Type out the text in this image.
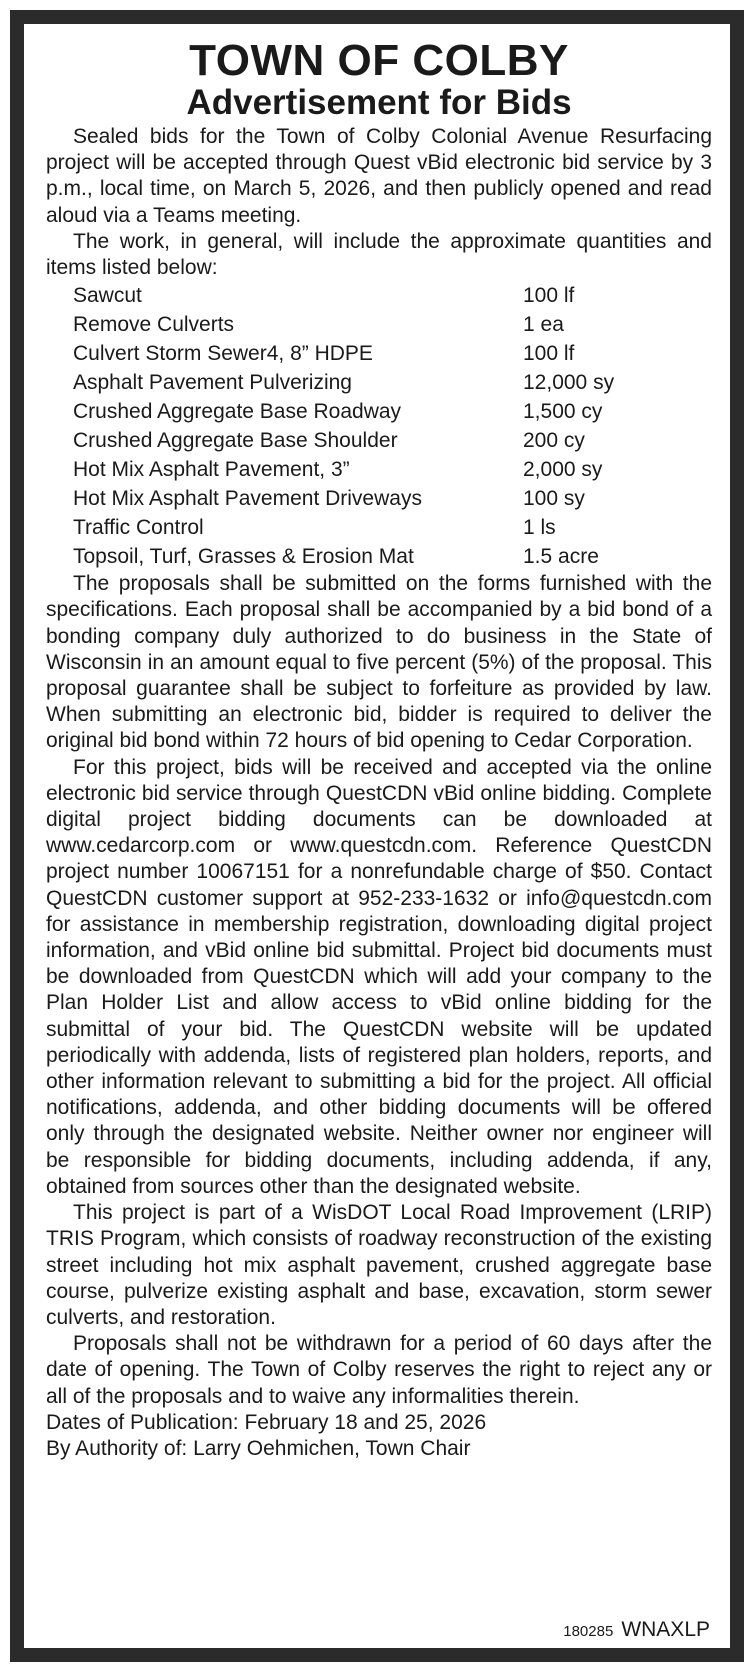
TOWN OF COLBY
Advertisement for Bids

Sealed bids for the Town of Colby Colonial Avenue Resurfacing project will be accepted through Quest vBid electronic bid service by 3 p.m., local time, on March 5, 2026, and then publicly opened and read aloud via a Teams meeting.

The work, in general, will include the approximate quantities and items listed below:

Sawcut	100 lf
Remove Culverts	1 ea
Culvert Storm Sewer4, 8” HDPE	100 lf
Asphalt Pavement Pulverizing	12,000 sy
Crushed Aggregate Base Roadway	1,500 cy
Crushed Aggregate Base Shoulder	200 cy
Hot Mix Asphalt Pavement, 3”	2,000 sy
Hot Mix Asphalt Pavement Driveways	100 sy
Traffic Control	1 ls
Topsoil, Turf, Grasses & Erosion Mat	1.5 acre

The proposals shall be submitted on the forms furnished with the specifications. Each proposal shall be accompanied by a bid bond of a bonding company duly authorized to do business in the State of Wisconsin in an amount equal to five percent (5%) of the proposal. This proposal guarantee shall be subject to forfeiture as provided by law. When submitting an electronic bid, bidder is required to deliver the original bid bond within 72 hours of bid opening to Cedar Corporation.

For this project, bids will be received and accepted via the online electronic bid service through QuestCDN vBid online bidding. Complete digital project bidding documents can be downloaded at www.cedarcorp.com or www.questcdn.com. Reference QuestCDN project number 10067151 for a nonrefundable charge of $50. Contact QuestCDN customer support at 952-233-1632 or info@questcdn.com for assistance in membership registration, downloading digital project information, and vBid online bid submittal. Project bid documents must be downloaded from QuestCDN which will add your company to the Plan Holder List and allow access to vBid online bidding for the submittal of your bid. The QuestCDN website will be updated periodically with addenda, lists of registered plan holders, reports, and other information relevant to submitting a bid for the project. All official notifications, addenda, and other bidding documents will be offered only through the designated website. Neither owner nor engineer will be responsible for bidding documents, including addenda, if any, obtained from sources other than the designated website.

This project is part of a WisDOT Local Road Improvement (LRIP) TRIS Program, which consists of roadway reconstruction of the existing street including hot mix asphalt pavement, crushed aggregate base course, pulverize existing asphalt and base, excavation, storm sewer culverts, and restoration.

Proposals shall not be withdrawn for a period of 60 days after the date of opening. The Town of Colby reserves the right to reject any or all of the proposals and to waive any informalities therein.

Dates of Publication: February 18 and 25, 2026

By Authority of: Larry Oehmichen, Town Chair

180285 WNAXLP
